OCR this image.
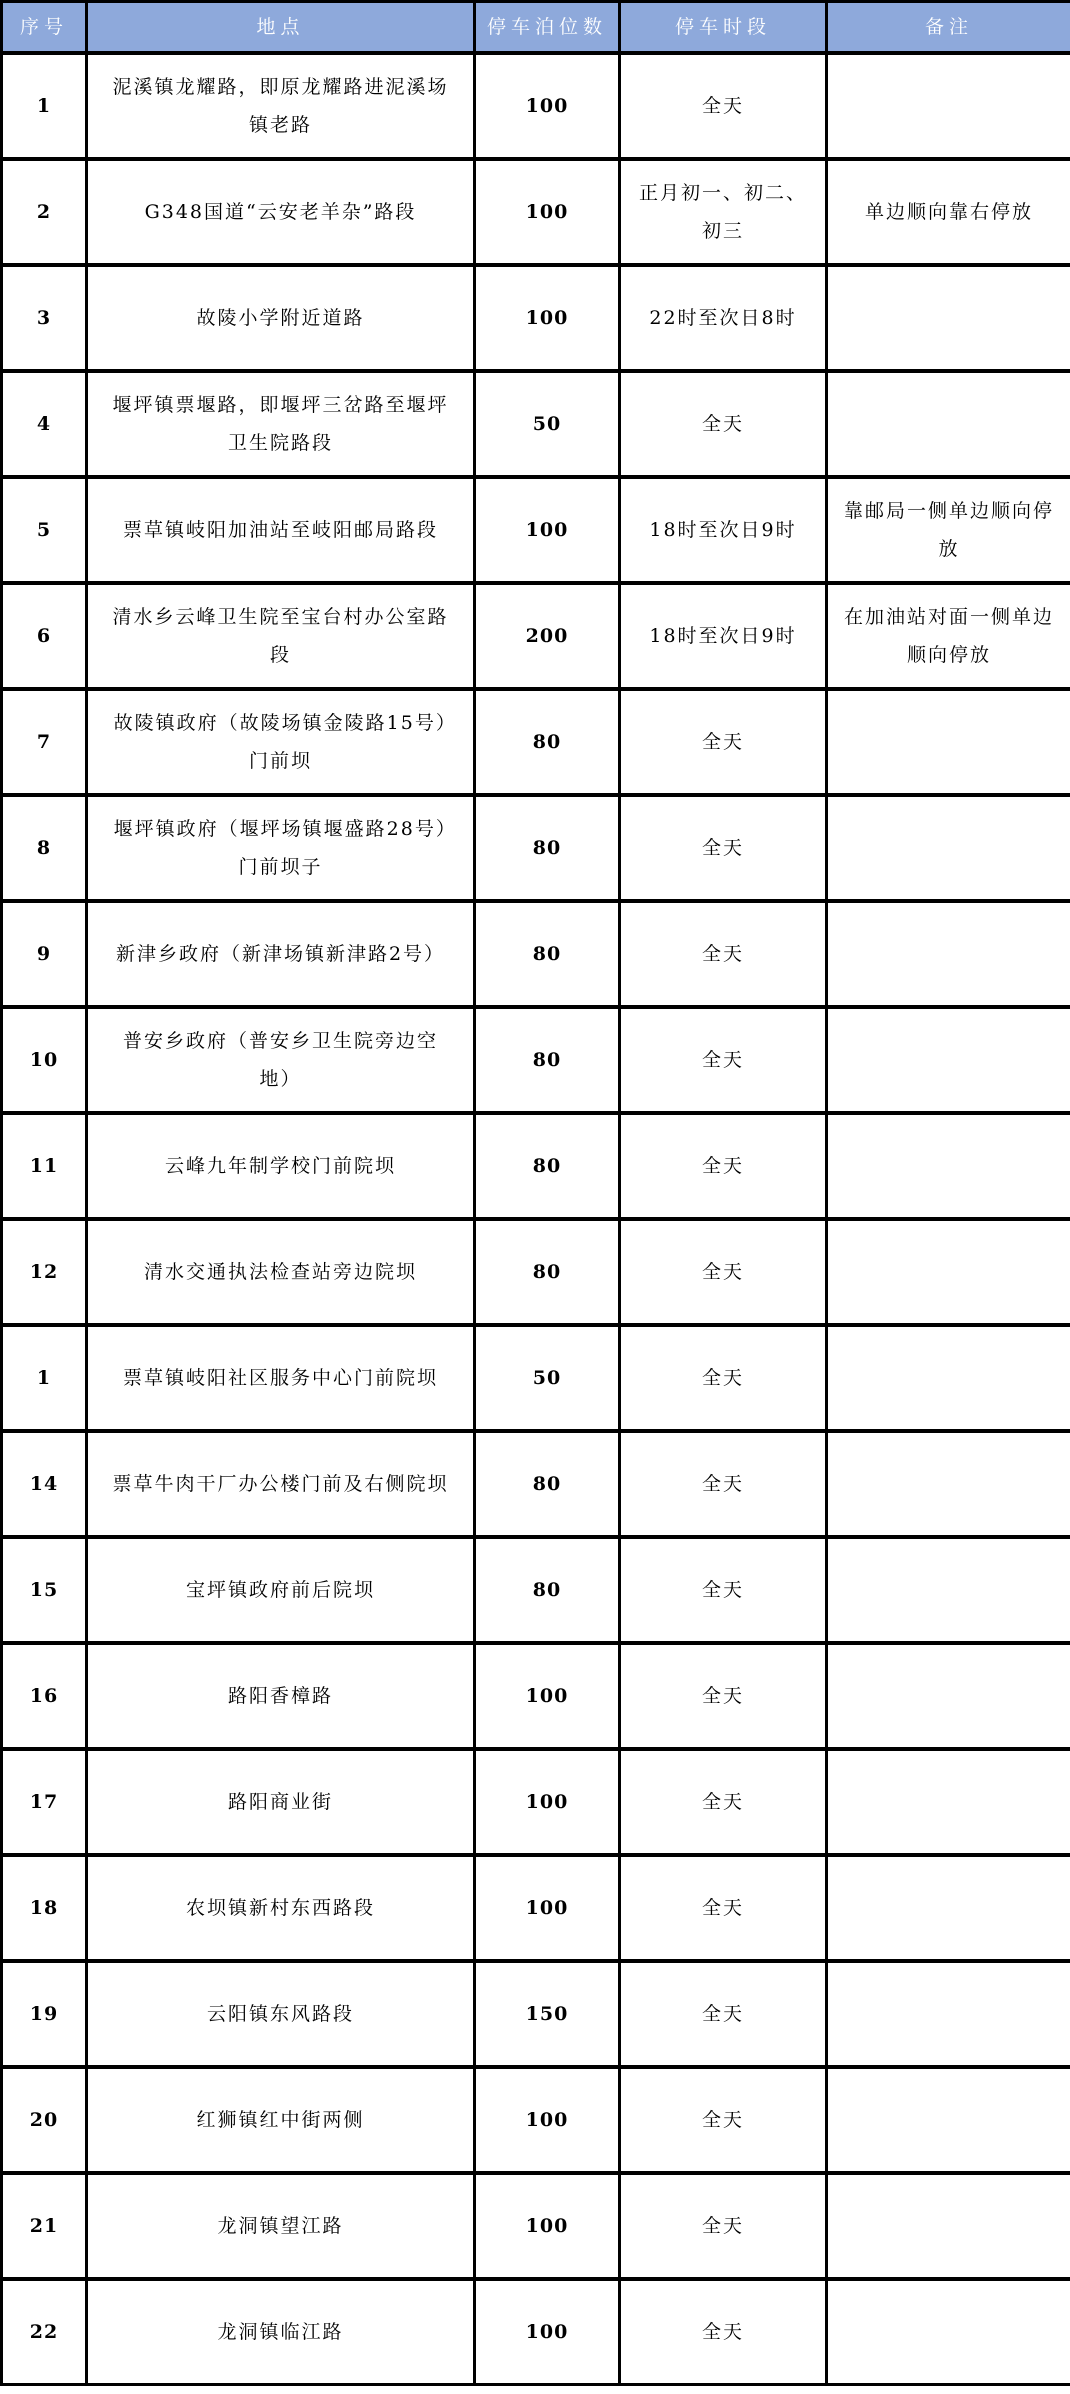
序号	地点	停车泊位数	停车时段	备注
1	泥溪镇龙耀路，即原龙耀路进泥溪场镇老路	100	全天	
2	G348国道“云安老羊杂”路段	100	正月初一、初二、初三	单边顺向靠右停放
3	故陵小学附近道路	100	22时至次日8时	
4	堰坪镇票堰路，即堰坪三岔路至堰坪卫生院路段	50	全天	
5	票草镇岐阳加油站至岐阳邮局路段	100	18时至次日9时	靠邮局一侧单边顺向停放
6	清水乡云峰卫生院至宝台村办公室路段	200	18时至次日9时	在加油站对面一侧单边顺向停放
7	故陵镇政府（故陵场镇金陵路15号）门前坝	80	全天	
8	堰坪镇政府（堰坪场镇堰盛路28号）门前坝子	80	全天	
9	新津乡政府（新津场镇新津路2号）	80	全天	
10	普安乡政府（普安乡卫生院旁边空地）	80	全天	
11	云峰九年制学校门前院坝	80	全天	
12	清水交通执法检查站旁边院坝	80	全天	
1	票草镇岐阳社区服务中心门前院坝	50	全天	
14	票草牛肉干厂办公楼门前及右侧院坝	80	全天	
15	宝坪镇政府前后院坝	80	全天	
16	路阳香樟路	100	全天	
17	路阳商业街	100	全天	
18	农坝镇新村东西路段	100	全天	
19	云阳镇东风路段	150	全天	
20	红狮镇红中街两侧	100	全天	
21	龙洞镇望江路	100	全天	
22	龙洞镇临江路	100	全天	
